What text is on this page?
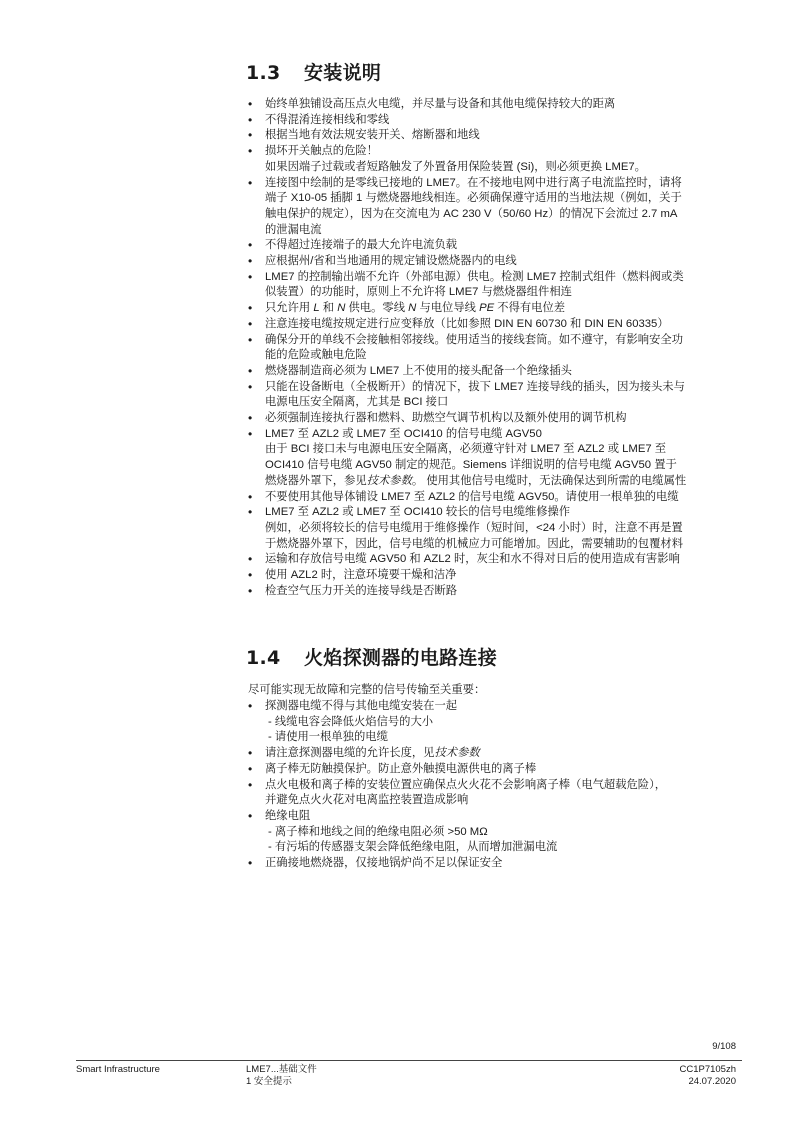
1.3 安装说明
• 始终单独铺设高压点火电缆，并尽量与设备和其他电缆保持较大的距离
• 不得混淆连接相线和零线
• 根据当地有效法规安装开关、熔断器和地线
• 损坏开关触点的危险！
如果因端子过载或者短路触发了外置备用保险装置 (Si)，则必须更换 LME7。
• 连接图中绘制的是零线已接地的 LME7。在不接地电网中进行离子电流监控时，请将
端子 X10-05 插脚 1 与燃烧器地线相连。必须确保遵守适用的当地法规（例如，关于
触电保护的规定），因为在交流电为 AC 230 V（50/60 Hz）的情况下会流过 2.7 mA
的泄漏电流
• 不得超过连接端子的最大允许电流负载
• 应根据州/省和当地通用的规定铺设燃烧器内的电线
• LME7 的控制输出端不允许（外部电源）供电。检测 LME7 控制式组件（燃料阀或类
似装置）的功能时，原则上不允许将 LME7 与燃烧器组件相连
• 只允许用 L 和 N 供电。零线 N 与电位导线 PE 不得有电位差
• 注意连接电缆按规定进行应变释放（比如参照 DIN EN 60730 和 DIN EN 60335）
• 确保分开的单线不会接触相邻接线。使用适当的接线套筒。如不遵守，有影响安全功
能的危险或触电危险
• 燃烧器制造商必须为 LME7 上不使用的接头配备一个绝缘插头
• 只能在设备断电（全极断开）的情况下，拔下 LME7 连接导线的插头，因为接头未与
电源电压安全隔离，尤其是 BCI 接口
• 必须强制连接执行器和燃料、助燃空气调节机构以及额外使用的调节机构
• LME7 至 AZL2 或 LME7 至 OCI410 的信号电缆 AGV50
由于 BCI 接口未与电源电压安全隔离，必须遵守针对 LME7 至 AZL2 或 LME7 至
OCI410 信号电缆 AGV50 制定的规范。Siemens 详细说明的信号电缆 AGV50 置于
燃烧器外罩下，参见技术参数。 使用其他信号电缆时，无法确保达到所需的电缆属性
• 不要使用其他导体铺设 LME7 至 AZL2 的信号电缆 AGV50。请使用一根单独的电缆
• LME7 至 AZL2 或 LME7 至 OCI410 较长的信号电缆维修操作
例如，必须将较长的信号电缆用于维修操作（短时间，<24 小时）时，注意不再是置
于燃烧器外罩下，因此，信号电缆的机械应力可能增加。因此，需要辅助的包覆材料
• 运输和存放信号电缆 AGV50 和 AZL2 时，灰尘和水不得对日后的使用造成有害影响
• 使用 AZL2 时，注意环境要干燥和洁净
• 检查空气压力开关的连接导线是否断路
1.4 火焰探测器的电路连接

尽可能实现无故障和完整的信号传输至关重要：

• 探测器电缆不得与其他电缆安装在一起
- 线缆电容会降低火焰信号的大小
- 请使用一根单独的电缆
• 请注意探测器电缆的允许长度，见技术参数
• 离子棒无防触摸保护。防止意外触摸电源供电的离子棒
• 点火电极和离子棒的安装位置应确保点火火花不会影响离子棒（电气超载危险），
并避免点火火花对电离监控装置造成影响
• 绝缘电阻
- 离子棒和地线之间的绝缘电阻必须 >50 MΩ
- 有污垢的传感器支架会降低绝缘电阻，从而增加泄漏电流
• 正确接地燃烧器，仅接地锅炉尚不足以保证安全
9/108
Smart Infrastructure	LME7...基础文件
1 安全提示
CC1P7105zh
24.07.2020
